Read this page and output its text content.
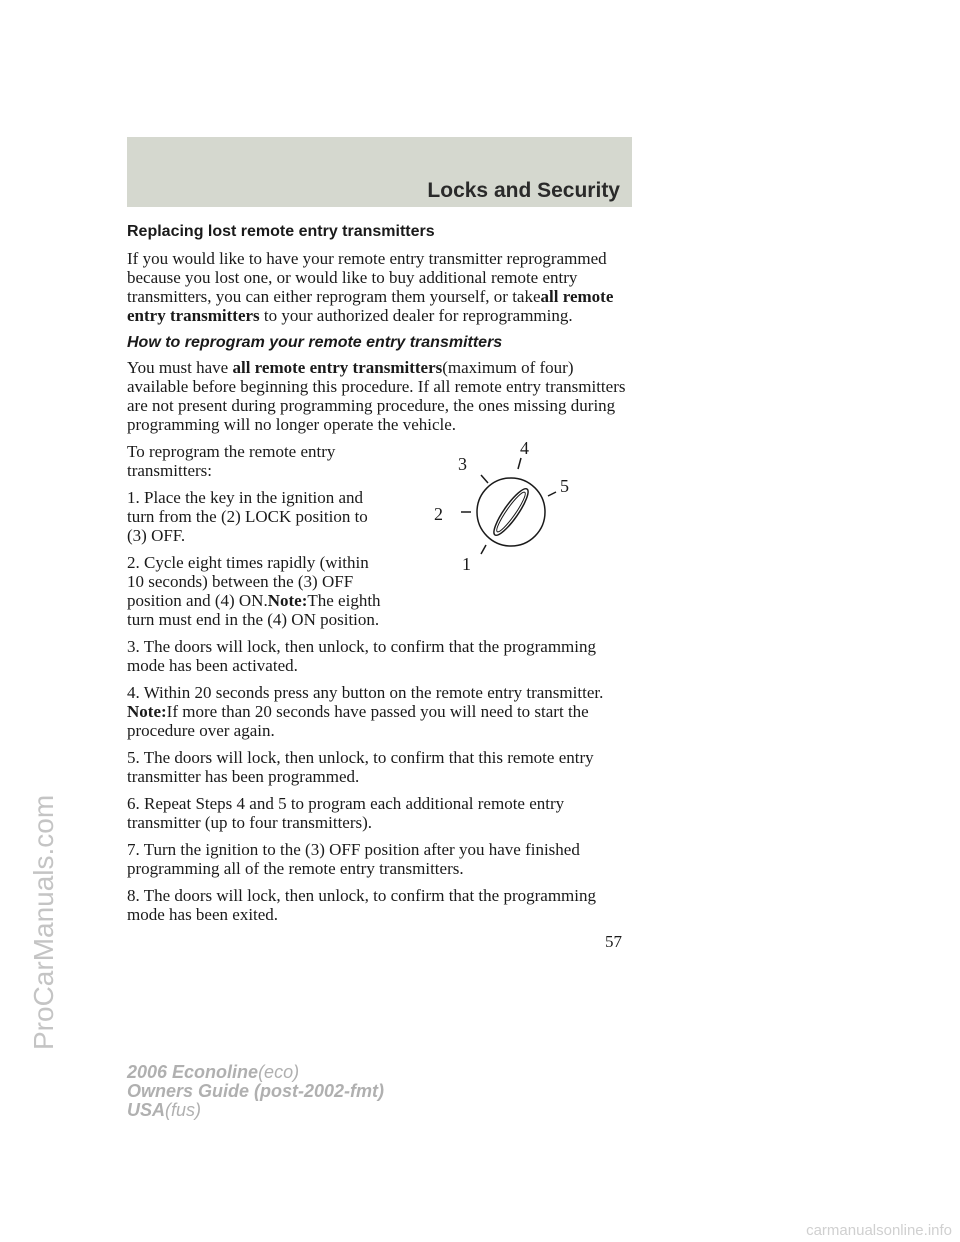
Locks and Security
Replacing lost remote entry transmitters

If you would like to have your remote entry transmitter reprogrammed because you lost one, or would like to buy additional remote entry transmitters, you can either reprogram them yourself, or takeall remote entry transmitters to your authorized dealer for reprogramming.

How to reprogram your remote entry transmitters

You must have all remote entry transmitters(maximum of four) available before beginning this procedure. If all remote entry transmitters are not present during programming procedure, the ones missing during programming will no longer operate the vehicle.

To reprogram the remote entry transmitters:

1. Place the key in the ignition and turn from the (2) LOCK position to (3) OFF.

2. Cycle eight times rapidly (within 10 seconds) between the (3) OFF position and (4) ON.Note:The eighth turn must end in the (4) ON position.

3. The doors will lock, then unlock, to confirm that the programming mode has been activated.

4. Within 20 seconds press any button on the remote entry transmitter.
Note:If more than 20 seconds have passed you will need to start the procedure over again.

5. The doors will lock, then unlock, to confirm that this remote entry transmitter has been programmed.

6. Repeat Steps 4 and 5 to program each additional remote entry transmitter (up to four transmitters).

7. Turn the ignition to the (3) OFF position after you have finished programming all of the remote entry transmitters.

8. The doors will lock, then unlock, to confirm that the programming mode has been exited.

1
2
3
4
5
57
2006 Econoline(eco)
Owners Guide (post-2002-fmt)
USA(fus)
ProCarManuals.com
carmanualsonline.info
